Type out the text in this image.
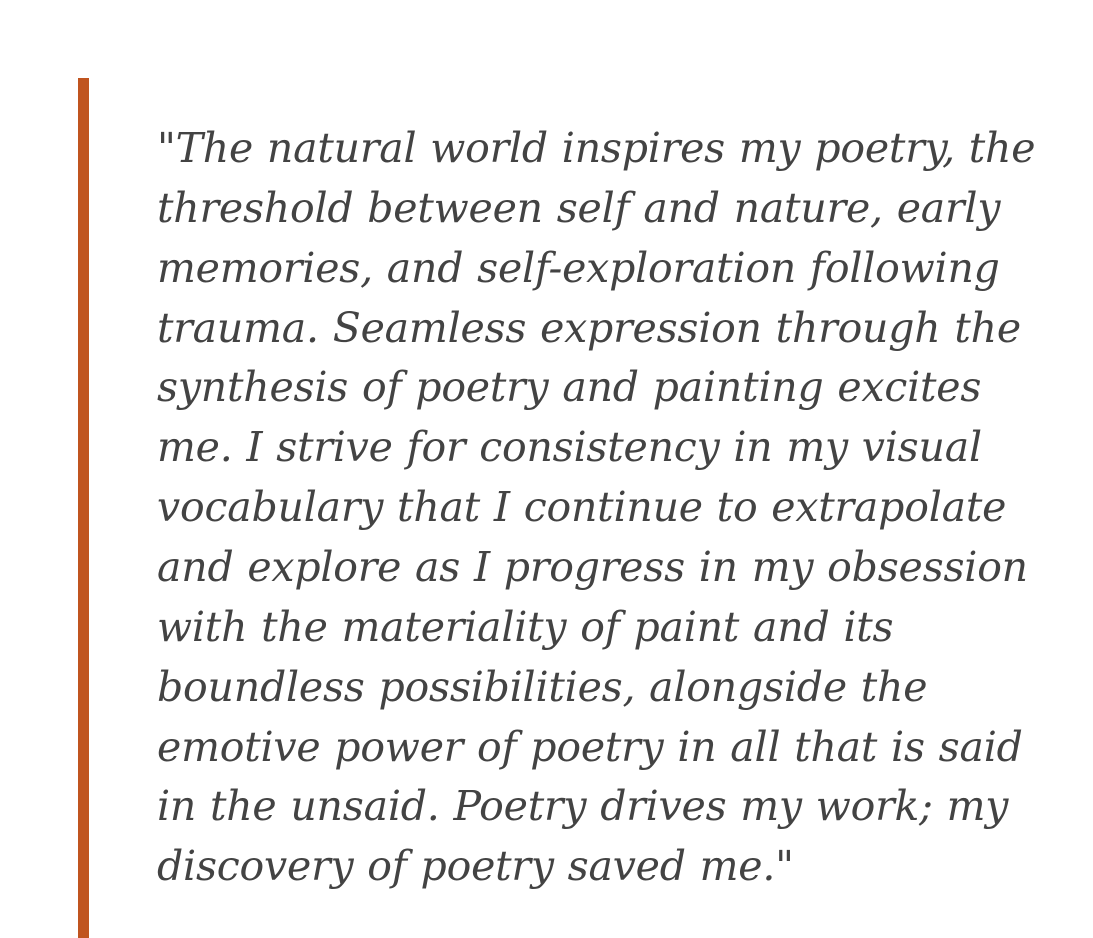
"The natural world inspires my poetry, the threshold between self and nature, early memories, and self-exploration following trauma. Seamless expression through the synthesis of poetry and painting excites me. I strive for consistency in my visual vocabulary that I continue to extrapolate and explore as I progress in my obsession with the materiality of paint and its boundless possibilities, alongside the emotive power of poetry in all that is said in the unsaid. Poetry drives my work; my discovery of poetry saved me."
